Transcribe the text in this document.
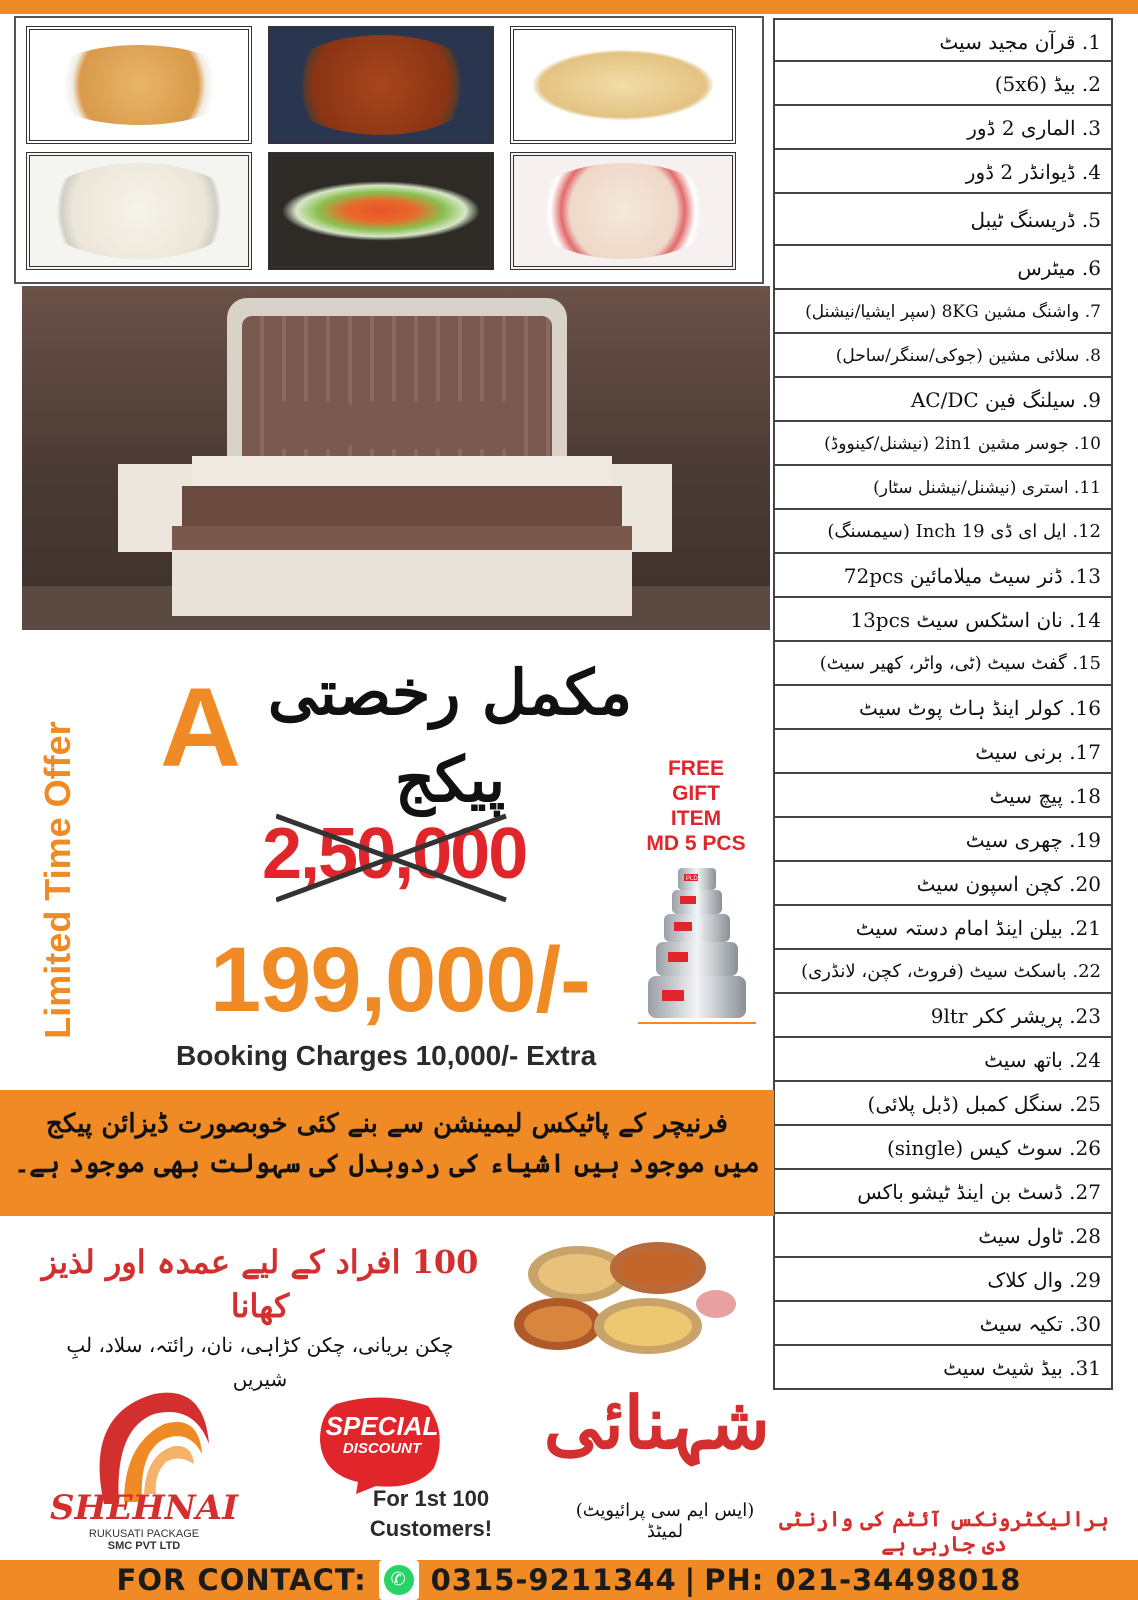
1. قرآن مجید سیٹ
2. بیڈ (5x6)
3. الماری 2 ڈور
4. ڈیوانڈر 2 ڈور
5. ڈریسنگ ٹیبل
6. میٹرس
7. واشنگ مشین 8KG (سپر ایشیا/نیشنل)
8. سلائی مشین (جوکی/سنگر/ساحل)
9. سیلنگ فین AC/DC
10. جوسر مشین 2in1 (نیشنل/کینووڈ)
11. استری (نیشنل/نیشنل سٹار)
12. ایل ای ڈی 19 Inch (سیمسنگ)
13. ڈنر سیٹ میلامائین 72pcs
14. نان اسٹکس سیٹ 13pcs
15. گفٹ سیٹ (ٹی، واٹر، کھیر سیٹ)
16. کولر اینڈ ہاٹ پوٹ سیٹ
17. برنی سیٹ
18. پیچ سیٹ
19. چھری سیٹ
20. کچن اسپون سیٹ
21. بیلن اینڈ امام دستہ سیٹ
22. باسکٹ سیٹ (فروٹ، کچن، لانڈری)
23. پریشر ککر 9ltr
24. باتھ سیٹ
25. سنگل کمبل (ڈبل پلائی)
26. سوٹ کیس (single)
27. ڈسٹ بن اینڈ ٹیشو باکس
28. ٹاول سیٹ
29. وال کلاک
30. تکیہ سیٹ
31. بیڈ شیٹ سیٹ
Limited Time Offer A مکمل رخصتی پیکج
2,50,000
199,000/-
Booking Charges 10,000/- Extra
FREE
GIFT
ITEM
MD 5 PCS
PLD
فرنیچر کے پاٹیکس لیمینشن سے بنے کئی خوبصورت ڈیزائن پیکج
میں موجود ہیں اشیاء کی ردوبدل کی سہولت بھی موجود ہے۔
100 افراد کے لیے عمدہ اور لذیز کھانا
چکن بریانی، چکن کڑاہی، نان، رائتہ، سلاد، لبِ شیریں
SHEHNAI
RUKUSATI PACKAGE
SMC PVT LTD
SPECIAL
DISCOUNT
For 1st 100
Customers!
شہنائی
(ایس ایم سی پرائیویٹ) لمیٹڈ
ہرالیکٹرونکس آئٹم کی وارنٹی دی جارہی ہے
FOR CONTACT:	✆ 0315-9211344 | PH: 021-34498018
